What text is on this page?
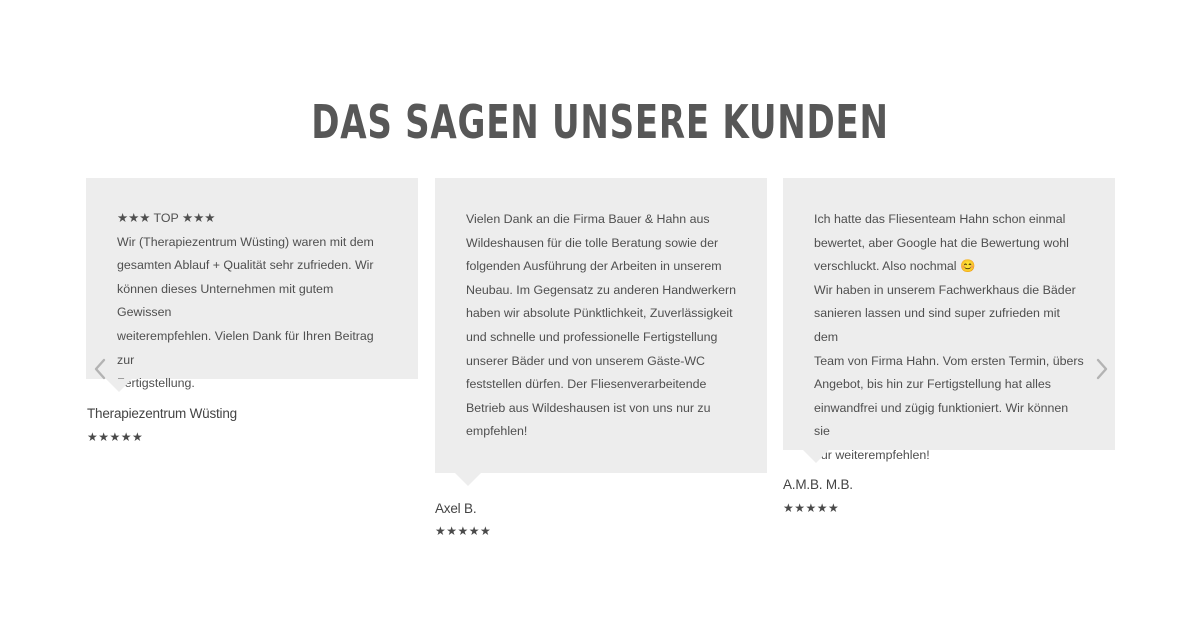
DAS SAGEN UNSERE KUNDEN

★★★ TOP ★★★
Wir (Therapiezentrum Wüsting) waren mit dem
gesamten Ablauf + Qualität sehr zufrieden. Wir
können dieses Unternehmen mit gutem Gewissen
weiterempfehlen. Vielen Dank für Ihren Beitrag zur
Fertigstellung.

Therapiezentrum Wüsting
★★★★★

Vielen Dank an die Firma Bauer & Hahn aus
Wildeshausen für die tolle Beratung sowie der
folgenden Ausführung der Arbeiten in unserem
Neubau. Im Gegensatz zu anderen Handwerkern
haben wir absolute Pünktlichkeit, Zuverlässigkeit
und schnelle und professionelle Fertigstellung
unserer Bäder und von unserem Gäste-WC
feststellen dürfen. Der Fliesenverarbeitende
Betrieb aus Wildeshausen ist von uns nur zu
empfehlen!

Axel B.
★★★★★

Ich hatte das Fliesenteam Hahn schon einmal
bewertet, aber Google hat die Bewertung wohl
verschluckt. Also nochmal 😊
Wir haben in unserem Fachwerkhaus die Bäder
sanieren lassen und sind super zufrieden mit dem
Team von Firma Hahn. Vom ersten Termin, übers
Angebot, bis hin zur Fertigstellung hat alles
einwandfrei und zügig funktioniert. Wir können sie
nur weiterempfehlen!

A.M.B. M.B.
★★★★★
